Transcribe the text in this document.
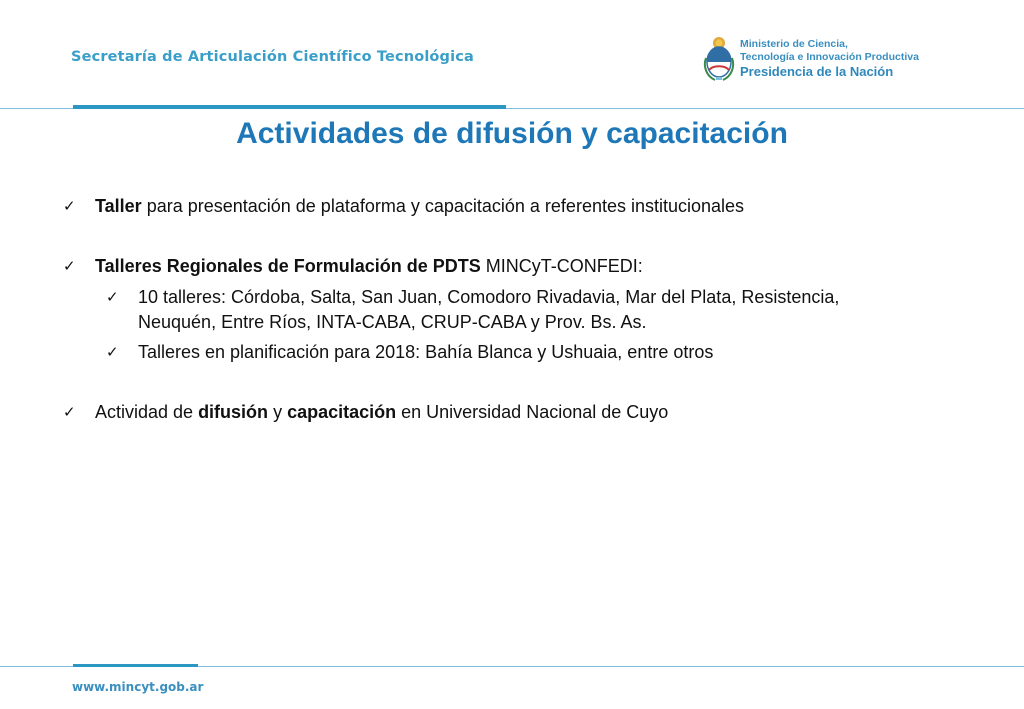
Secretaría de Articulación Científico Tecnológica
Ministerio de Ciencia,
Tecnología e Innovación Productiva
Presidencia de la Nación
Actividades de difusión y capacitación
✓ Taller para presentación de plataforma y capacitación a referentes institucionales
✓ Talleres Regionales de Formulación de PDTS MINCyT-CONFEDI:
✓ 10 talleres: Córdoba, Salta, San Juan, Comodoro Rivadavia, Mar del Plata, Resistencia,
Neuquén, Entre Ríos, INTA-CABA, CRUP-CABA y Prov. Bs. As.
✓ Talleres en planificación para 2018: Bahía Blanca y Ushuaia, entre otros
✓ Actividad de difusión y capacitación en Universidad Nacional de Cuyo
www.mincyt.gob.ar
